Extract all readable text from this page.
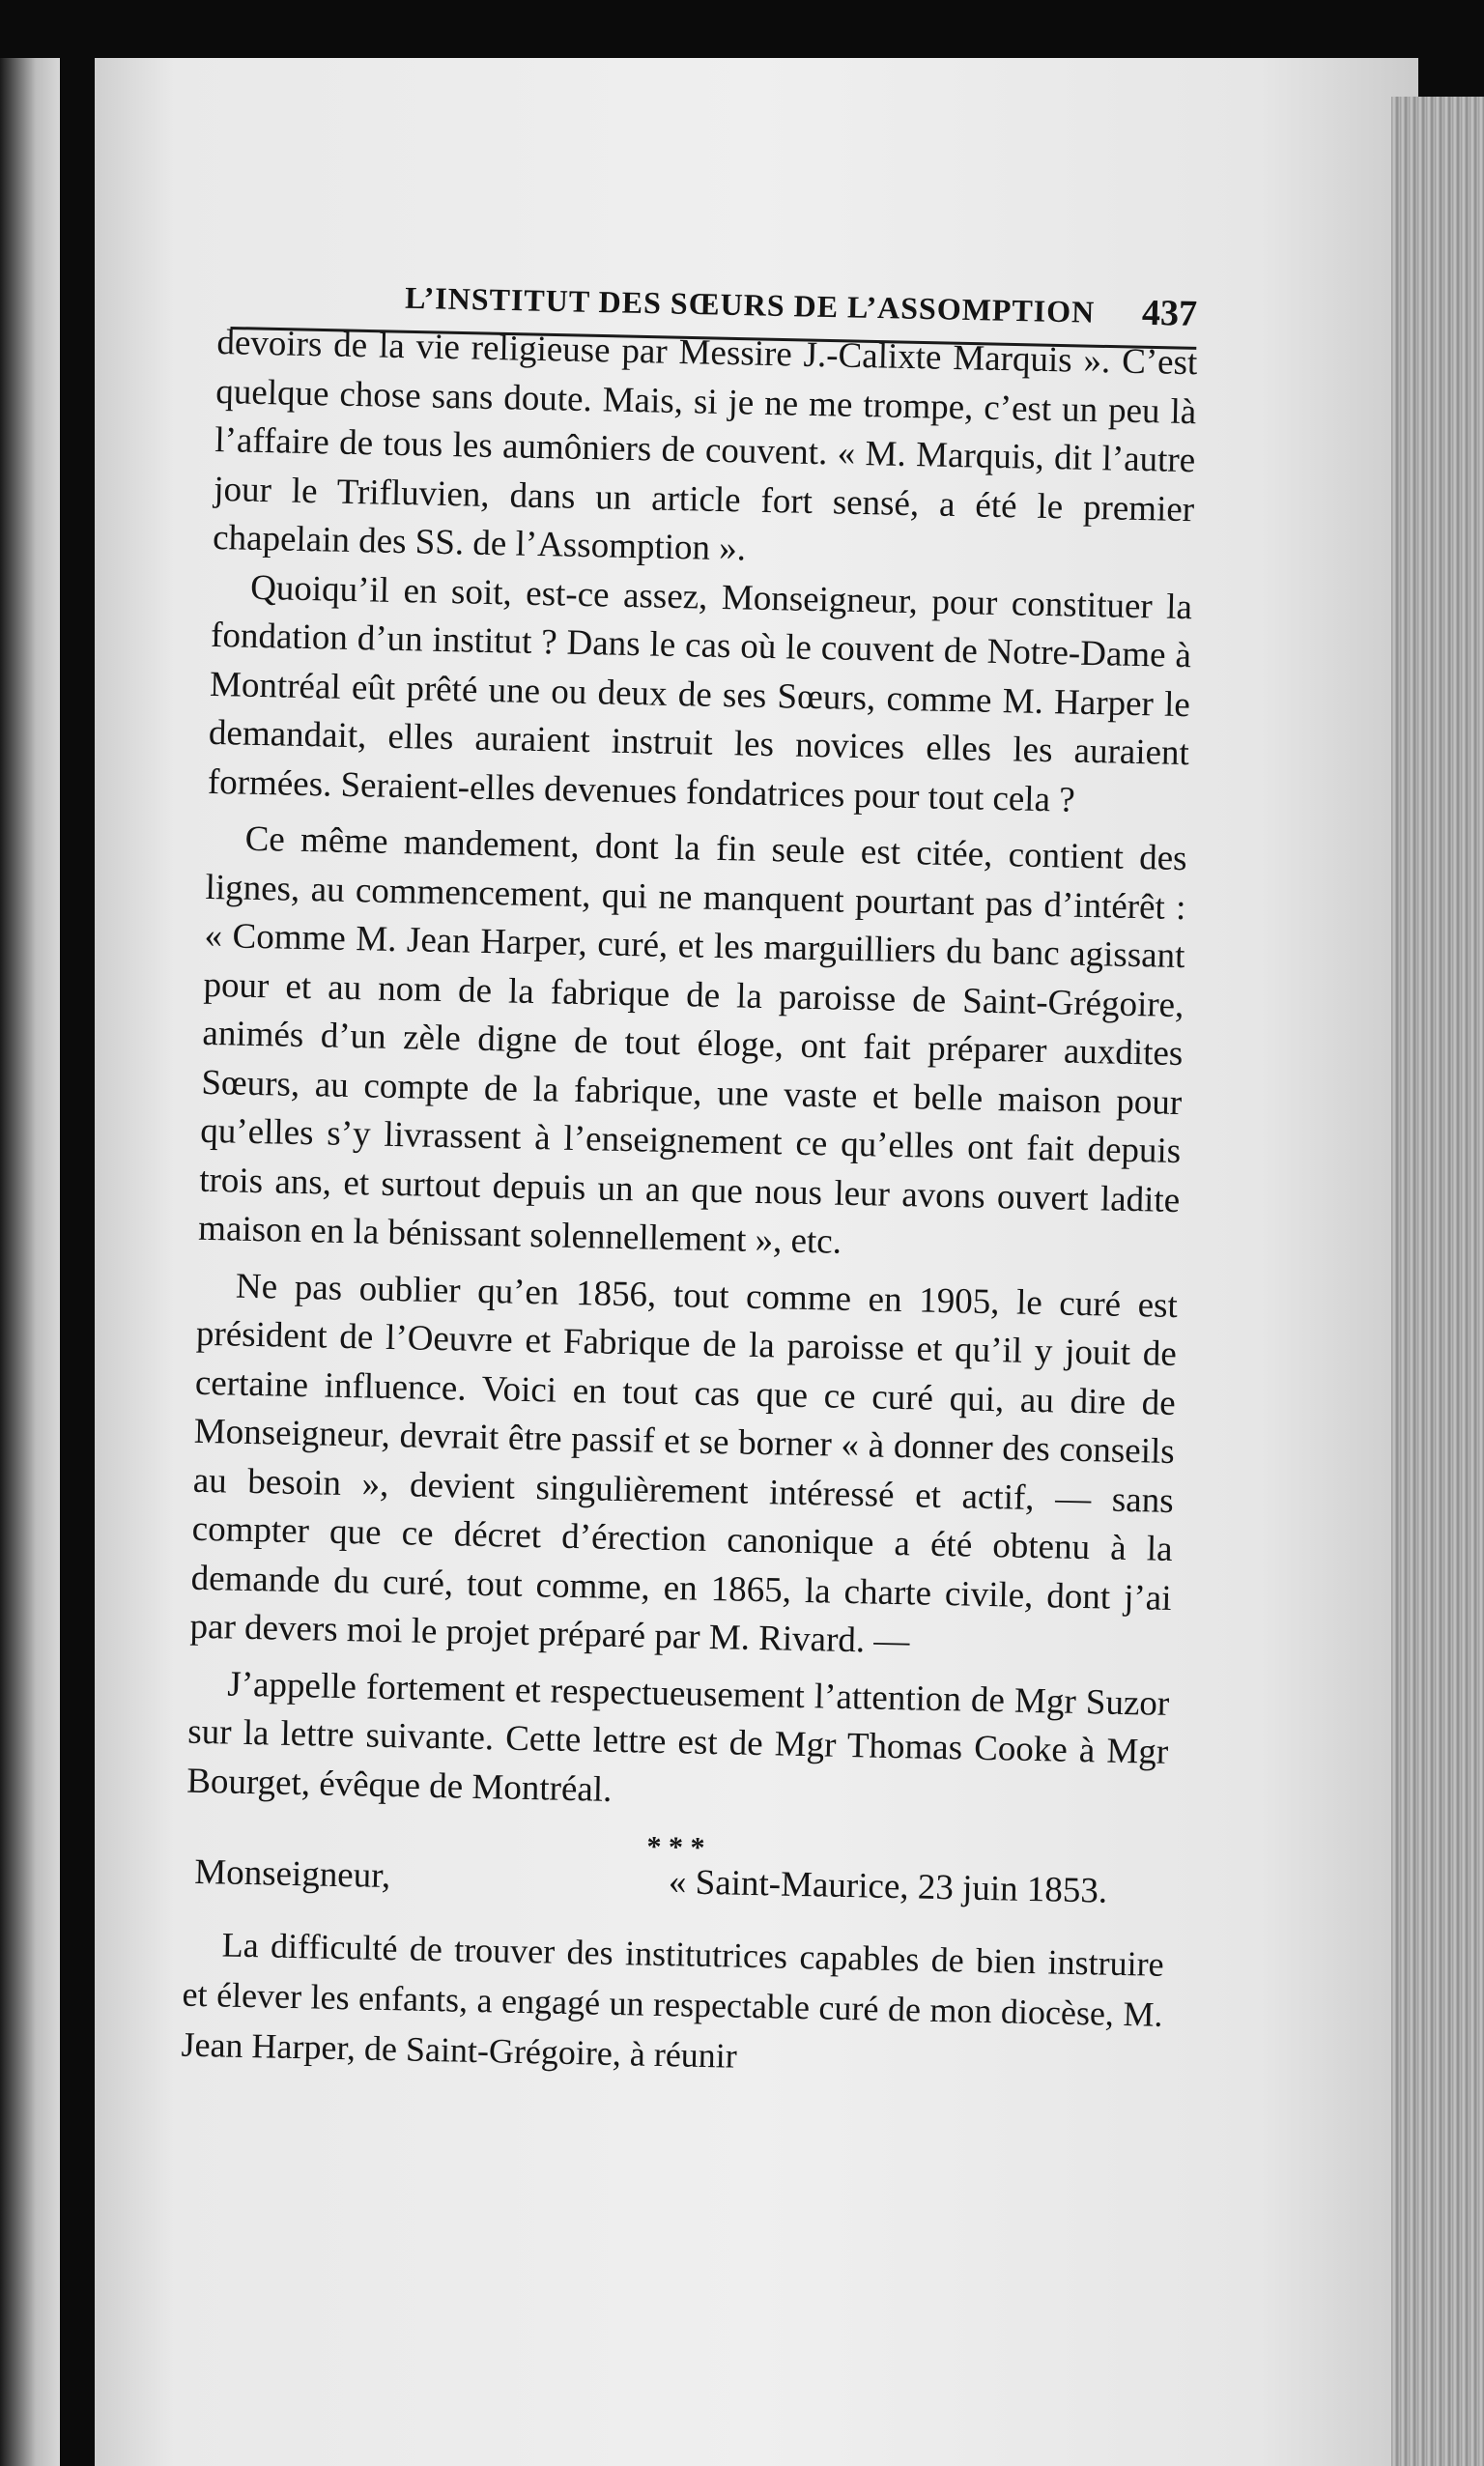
L’INSTITUT DES SŒURS DE L’ASSOMPTION 437

devoirs de la vie religieuse par Messire J.-Calixte Marquis ». C’est quelque chose sans doute. Mais, si je ne me trompe, c’est un peu là l’affaire de tous les aumôniers de couvent. « M. Marquis, dit l’autre jour le Trifluvien, dans un article fort sensé, a été le premier chapelain des SS. de l’Assomption ».

Quoiqu’il en soit, est-ce assez, Monseigneur, pour constituer la fondation d’un institut ? Dans le cas où le couvent de Notre-Dame à Montréal eût prêté une ou deux de ses Sœurs, comme M. Harper le demandait, elles auraient instruit les novices elles les auraient formées. Seraient-elles devenues fondatrices pour tout cela ?

Ce même mandement, dont la fin seule est citée, contient des lignes, au commencement, qui ne manquent pourtant pas d’intérêt : « Comme M. Jean Harper, curé, et les marguilliers du banc agissant pour et au nom de la fabrique de la paroisse de Saint-Grégoire, animés d’un zèle digne de tout éloge, ont fait préparer auxdites Sœurs, au compte de la fabrique, une vaste et belle maison pour qu’elles s’y livrassent à l’enseignement ce qu’elles ont fait depuis trois ans, et surtout depuis un an que nous leur avons ouvert ladite maison en la bénissant solennellement », etc.

Ne pas oublier qu’en 1856, tout comme en 1905, le curé est président de l’Oeuvre et Fabrique de la paroisse et qu’il y jouit de certaine influence. Voici en tout cas que ce curé qui, au dire de Monseigneur, devrait être passif et se borner « à donner des conseils au besoin », devient singulièrement intéressé et actif, — sans compter que ce décret d’érection canonique a été obtenu à la demande du curé, tout comme, en 1865, la charte civile, dont j’ai par devers moi le projet préparé par M. Rivard. —

J’appelle fortement et respectueusement l’attention de Mgr Suzor sur la lettre suivante. Cette lettre est de Mgr Thomas Cooke à Mgr Bourget, évêque de Montréal.

* * *
Monseigneur,	« Saint-Maurice, 23 juin 1853.

La difficulté de trouver des institutrices capables de bien instruire et élever les enfants, a engagé un respectable curé de mon diocèse, M. Jean Harper, de Saint-Grégoire, à réunir
